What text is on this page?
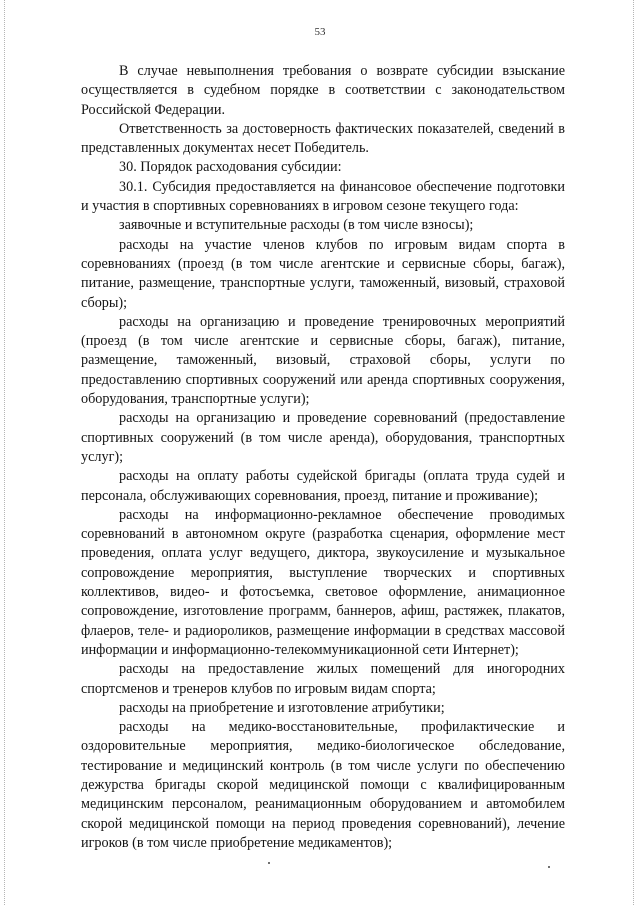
53

В случае невыполнения требования о возврате субсидии взыскание осуществляется в судебном порядке в соответствии с законодательством Российской Федерации.

Ответственность за достоверность фактических показателей, сведений в представленных документах несет Победитель.

30. Порядок расходования субсидии:

30.1. Субсидия предоставляется на финансовое обеспечение подготовки и участия в спортивных соревнованиях в игровом сезоне текущего года:

заявочные и вступительные расходы (в том числе взносы);

расходы на участие членов клубов по игровым видам спорта в соревнованиях (проезд (в том числе агентские и сервисные сборы, багаж), питание, размещение, транспортные услуги, таможенный, визовый, страховой сборы);

расходы на организацию и проведение тренировочных мероприятий (проезд (в том числе агентские и сервисные сборы, багаж), питание, размещение, таможенный, визовый, страховой сборы, услуги по предоставлению спортивных сооружений или аренда спортивных сооружения, оборудования, транспортные услуги);

расходы на организацию и проведение соревнований (предоставление спортивных сооружений (в том числе аренда), оборудования, транспортных услуг);

расходы на оплату работы судейской бригады (оплата труда судей и персонала, обслуживающих соревнования, проезд, питание и проживание);

расходы на информационно-рекламное обеспечение проводимых соревнований в автономном округе (разработка сценария, оформление мест проведения, оплата услуг ведущего, диктора, звукоусиление и музыкальное сопровождение мероприятия, выступление творческих и спортивных коллективов, видео- и фотосъемка, световое оформление, анимационное сопровождение, изготовление программ, баннеров, афиш, растяжек, плакатов, флаеров, теле- и радиороликов, размещение информации в средствах массовой информации и информационно-телекоммуникационной сети Интернет);

расходы на предоставление жилых помещений для иногородних спортсменов и тренеров клубов по игровым видам спорта;

расходы на приобретение и изготовление атрибутики;

расходы на медико-восстановительные, профилактические и оздоровительные мероприятия, медико-биологическое обследование, тестирование и медицинский контроль (в том числе услуги по обеспечению дежурства бригады скорой медицинской помощи с квалифицированным медицинским персоналом, реанимационным оборудованием и автомобилем скорой медицинской помощи на период проведения соревнований), лечение игроков (в том числе приобретение медикаментов);
